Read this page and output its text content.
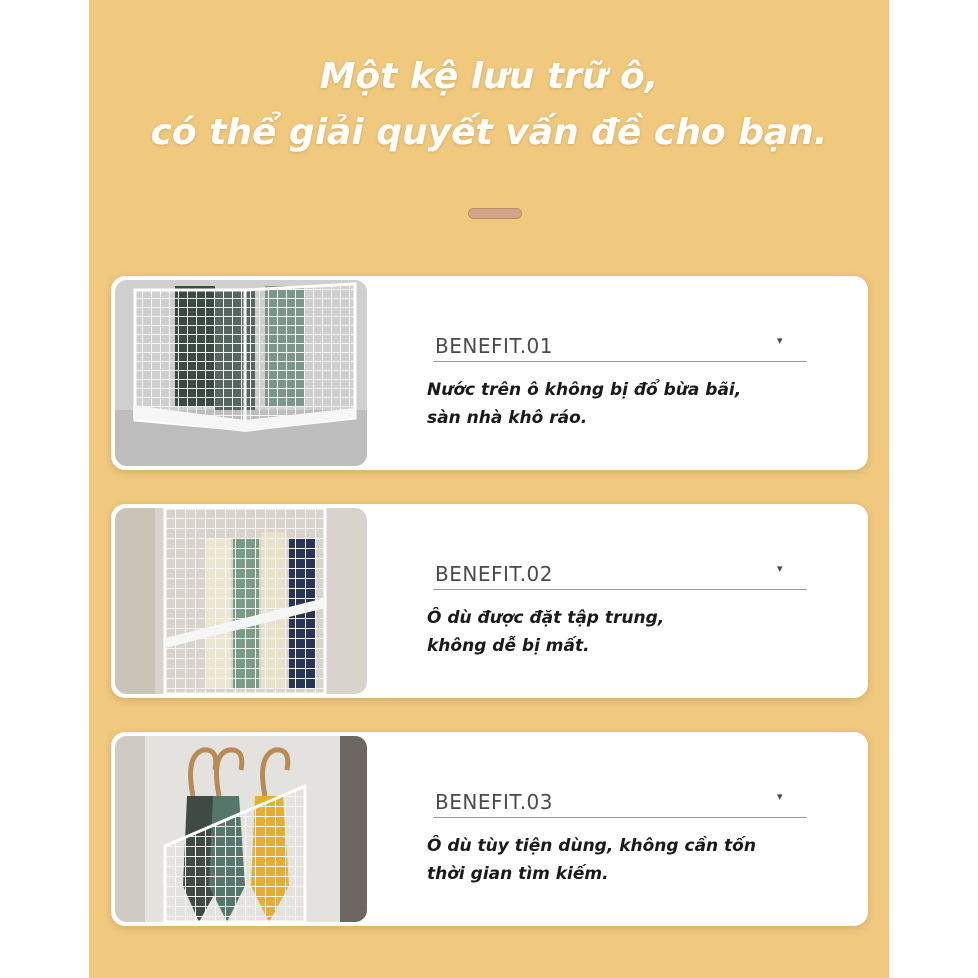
Một kệ lưu trữ ô,
có thể giải quyết vấn đề cho bạn.
BENEFIT.01	▾
Nước trên ô không bị đổ bừa bãi,
sàn nhà khô ráo.
BENEFIT.02	▾
Ô dù được đặt tập trung,
không dễ bị mất.
BENEFIT.03	▾
Ô dù tùy tiện dùng, không cần tốn
thời gian tìm kiếm.
